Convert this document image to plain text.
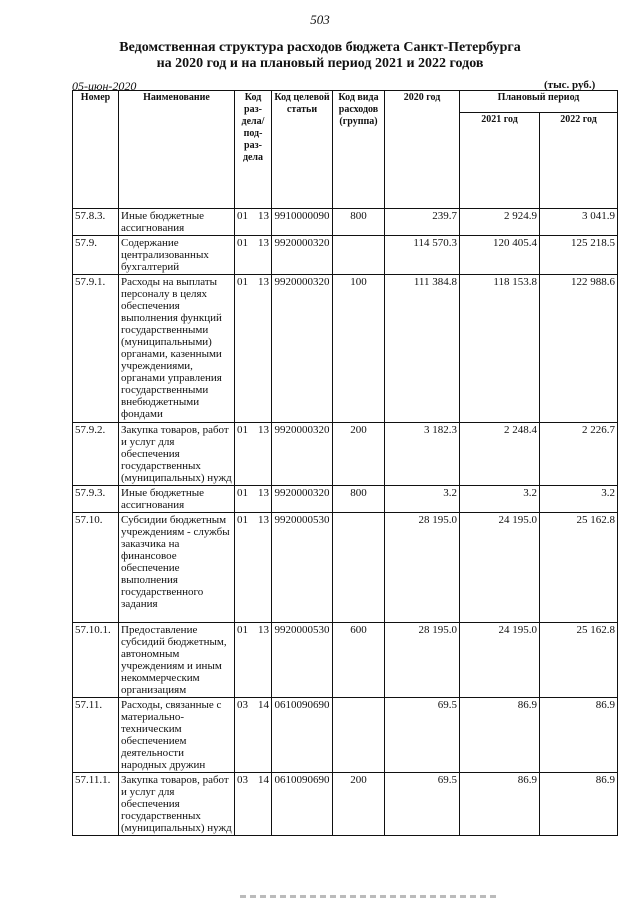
503
Ведомственная структура расходов бюджета Санкт-Петербурга
на 2020 год и на плановый период 2021 и 2022 годов
05-июн-2020	(тыс. руб.)
Номер	Наименование	Код раз-дела/под-раз-дела	Код целевой статьи	Код вида расходов (группа)	2020 год	Плановый период	
						2021 год	2022 год
57.8.3.	Иные бюджетные ассигнования	01 13	9910000090	800	239.7	2 924.9	3 041.9
57.9.	Содержание централизованных бухгалтерий	01 13	9920000320		114 570.3	120 405.4	125 218.5
57.9.1.	Расходы на выплаты персоналу в целях обеспечения выполнения функций государственными (муниципальными) органами, казенными учреждениями, органами управления государственными внебюджетными фондами	01 13	9920000320	100	111 384.8	118 153.8	122 988.6
57.9.2.	Закупка товаров, работ и услуг для обеспечения государственных (муниципальных) нужд	01 13	9920000320	200	3 182.3	2 248.4	2 226.7
57.9.3.	Иные бюджетные ассигнования	01 13	9920000320	800	3.2	3.2	3.2
57.10.	Субсидии бюджетным учреждениям - службы заказчика на финансовое обеспечение выполнения государственного задания	01 13	9920000530		28 195.0	24 195.0	25 162.8
57.10.1.	Предоставление субсидий бюджетным, автономным учреждениям и иным некоммерческим организациям	01 13	9920000530	600	28 195.0	24 195.0	25 162.8
57.11.	Расходы, связанные с материально-техническим обеспечением деятельности народных дружин	03 14	0610090690		69.5	86.9	86.9
57.11.1.	Закупка товаров, работ и услуг для обеспечения государственных (муниципальных) нужд	03 14	0610090690	200	69.5	86.9	86.9
